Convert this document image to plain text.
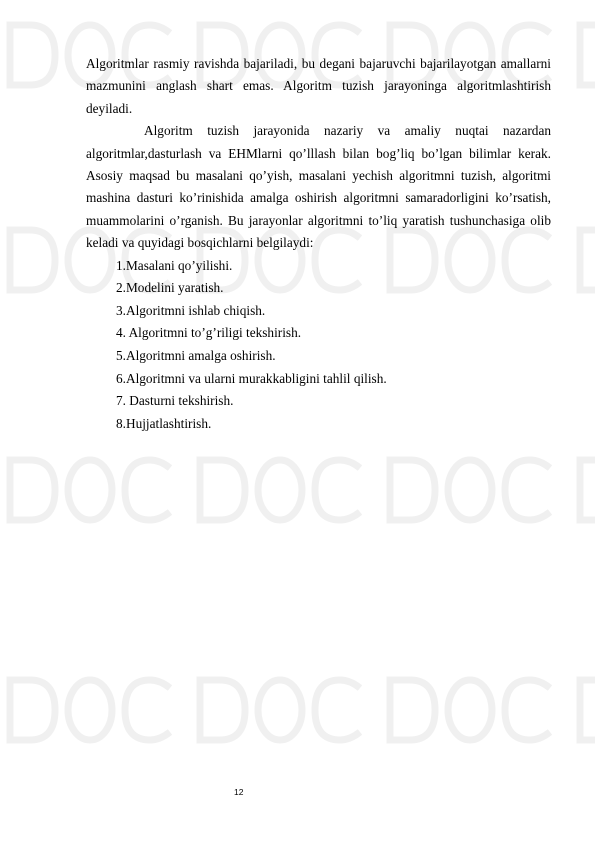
Algoritmlar rasmiy ravishda bajariladi, bu degani bajaruvchi bajarilayotgan amallarni mazmunini anglash shart emas. Algoritm tuzish jarayoninga algoritmlashtirish deyiladi.

Algoritm tuzish jarayonida nazariy va amaliy nuqtai nazardan algoritmlar,dasturlash va EHMlarni qo’lllash bilan bog’liq bo’lgan bilimlar kerak. Asosiy maqsad bu masalani qo’yish, masalani yechish algoritmni tuzish, algoritmi mashina dasturi ko’rinishida amalga oshirish algoritmni samaradorligini ko’rsatish, muammolarini o’rganish. Bu jarayonlar algoritmni to’liq yaratish tushunchasiga olib keladi va quyidagi bosqichlarni belgilaydi:

1.Masalani qo’yilishi.
2.Modelini yaratish.
3.Algoritmni ishlab chiqish.
4. Algoritmni to’g’riligi tekshirish.
5.Algoritmni amalga oshirish.
6.Algoritmni va ularni murakkabligini tahlil qilish.
7. Dasturni tekshirish.
8.Hujjatlashtirish.
12
